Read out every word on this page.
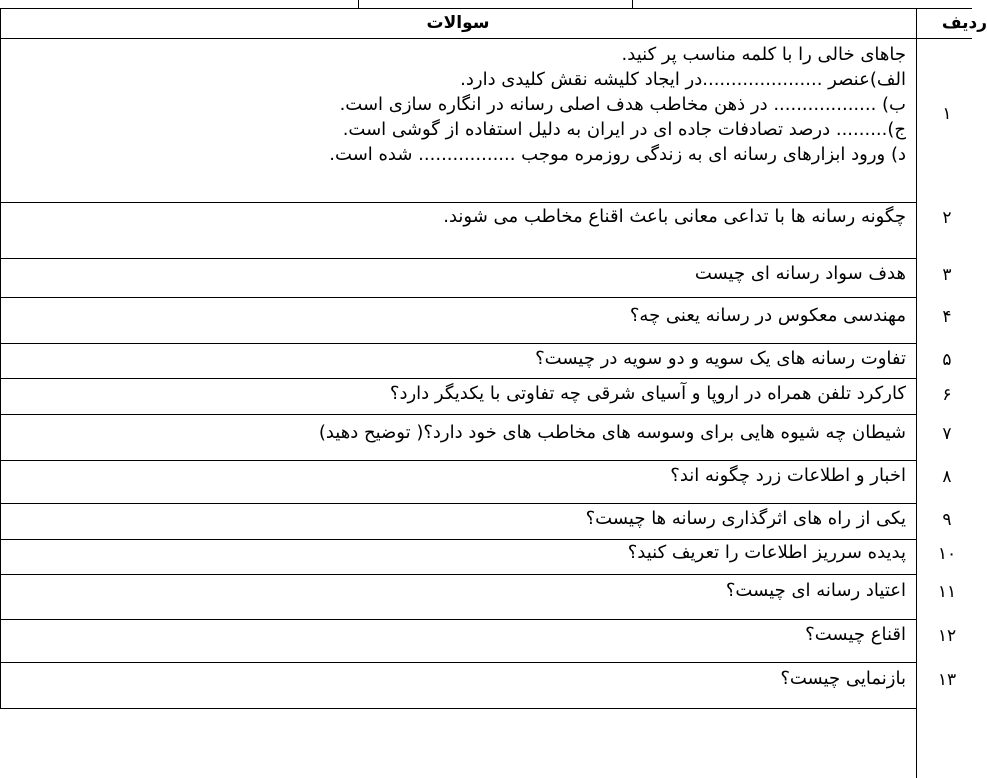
سوالات	ردیف
۱
جاهای خالی را با کلمه مناسب پر کنید.
الف)عنصر .....................در ایجاد کلیشه نقش کلیدی دارد.
ب) .................. در ذهن مخاطب هدف اصلی رسانه در انگاره سازی است.
ج)......... درصد تصادفات جاده ای در ایران به دلیل استفاده از گوشی است.
د) ورود ابزارهای رسانه ای به زندگی روزمره موجب ................. شده است.
۲
چگونه رسانه ها با تداعی معانی باعث اقناع مخاطب می شوند.
۳
هدف سواد رسانه ای چیست
۴
مهندسی معکوس در رسانه یعنی چه؟
۵
تفاوت رسانه های یک سویه و دو سویه در چیست؟
۶
کارکرد تلفن همراه در اروپا و آسیای شرقی چه تفاوتی با یکدیگر دارد؟
۷
شیطان چه شیوه هایی برای وسوسه های مخاطب های خود دارد؟( توضیح دهید)
۸
اخبار و اطلاعات زرد چگونه اند؟
۹
یکی از راه های اثرگذاری رسانه ها چیست؟
۱۰
پدیده سرریز اطلاعات را تعریف کنید؟
۱۱
اعتیاد رسانه ای چیست؟
۱۲
اقناع چیست؟
۱۳
بازنمایی چیست؟
